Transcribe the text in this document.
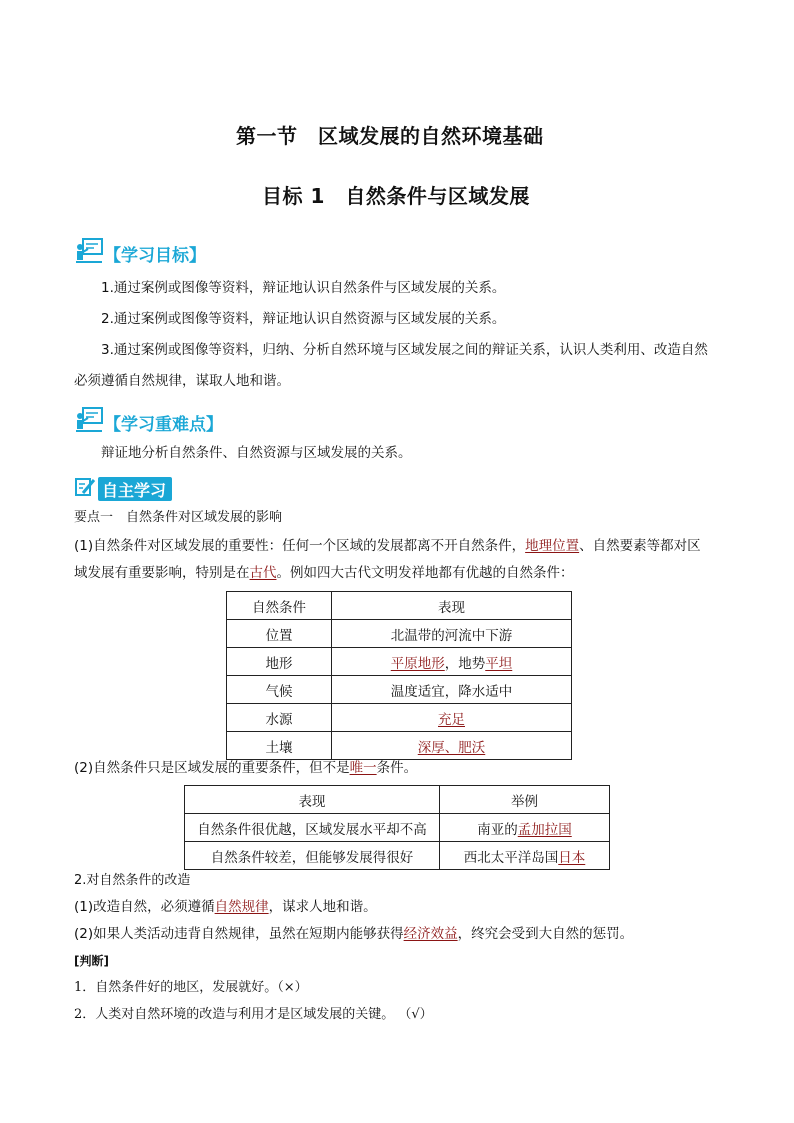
第一节　区域发展的自然环境基础
目标 1　自然条件与区域发展
【学习目标】
1.通过案例或图像等资料，辩证地认识自然条件与区域发展的关系。
2.通过案例或图像等资料，辩证地认识自然资源与区域发展的关系。
3.通过案例或图像等资料，归纳、分析自然环境与区域发展之间的辩证关系，认识人类利用、改造自然
必须遵循自然规律，谋取人地和谐。
【学习重难点】
辩证地分析自然条件、自然资源与区域发展的关系。
自主学习
要点一　自然条件对区域发展的影响
(1)自然条件对区域发展的重要性：任何一个区域的发展都离不开自然条件，地理位置、自然要素等都对区
域发展有重要影响，特别是在古代。例如四大古代文明发祥地都有优越的自然条件：
自然条件	表现
位置	北温带的河流中下游
地形	平原地形，地势平坦
气候	温度适宜，降水适中
水源	充足
土壤	深厚、肥沃
(2)自然条件只是区域发展的重要条件，但不是唯一条件。
表现	举例
自然条件很优越，区域发展水平却不高	南亚的孟加拉国
自然条件较差，但能够发展得很好	西北太平洋岛国日本
2.对自然条件的改造
(1)改造自然，必须遵循自然规律，谋求人地和谐。
(2)如果人类活动违背自然规律，虽然在短期内能够获得经济效益，终究会受到大自然的惩罚。
[判断]
1．自然条件好的地区，发展就好。（×）
2．人类对自然环境的改造与利用才是区域发展的关键。 （√）
